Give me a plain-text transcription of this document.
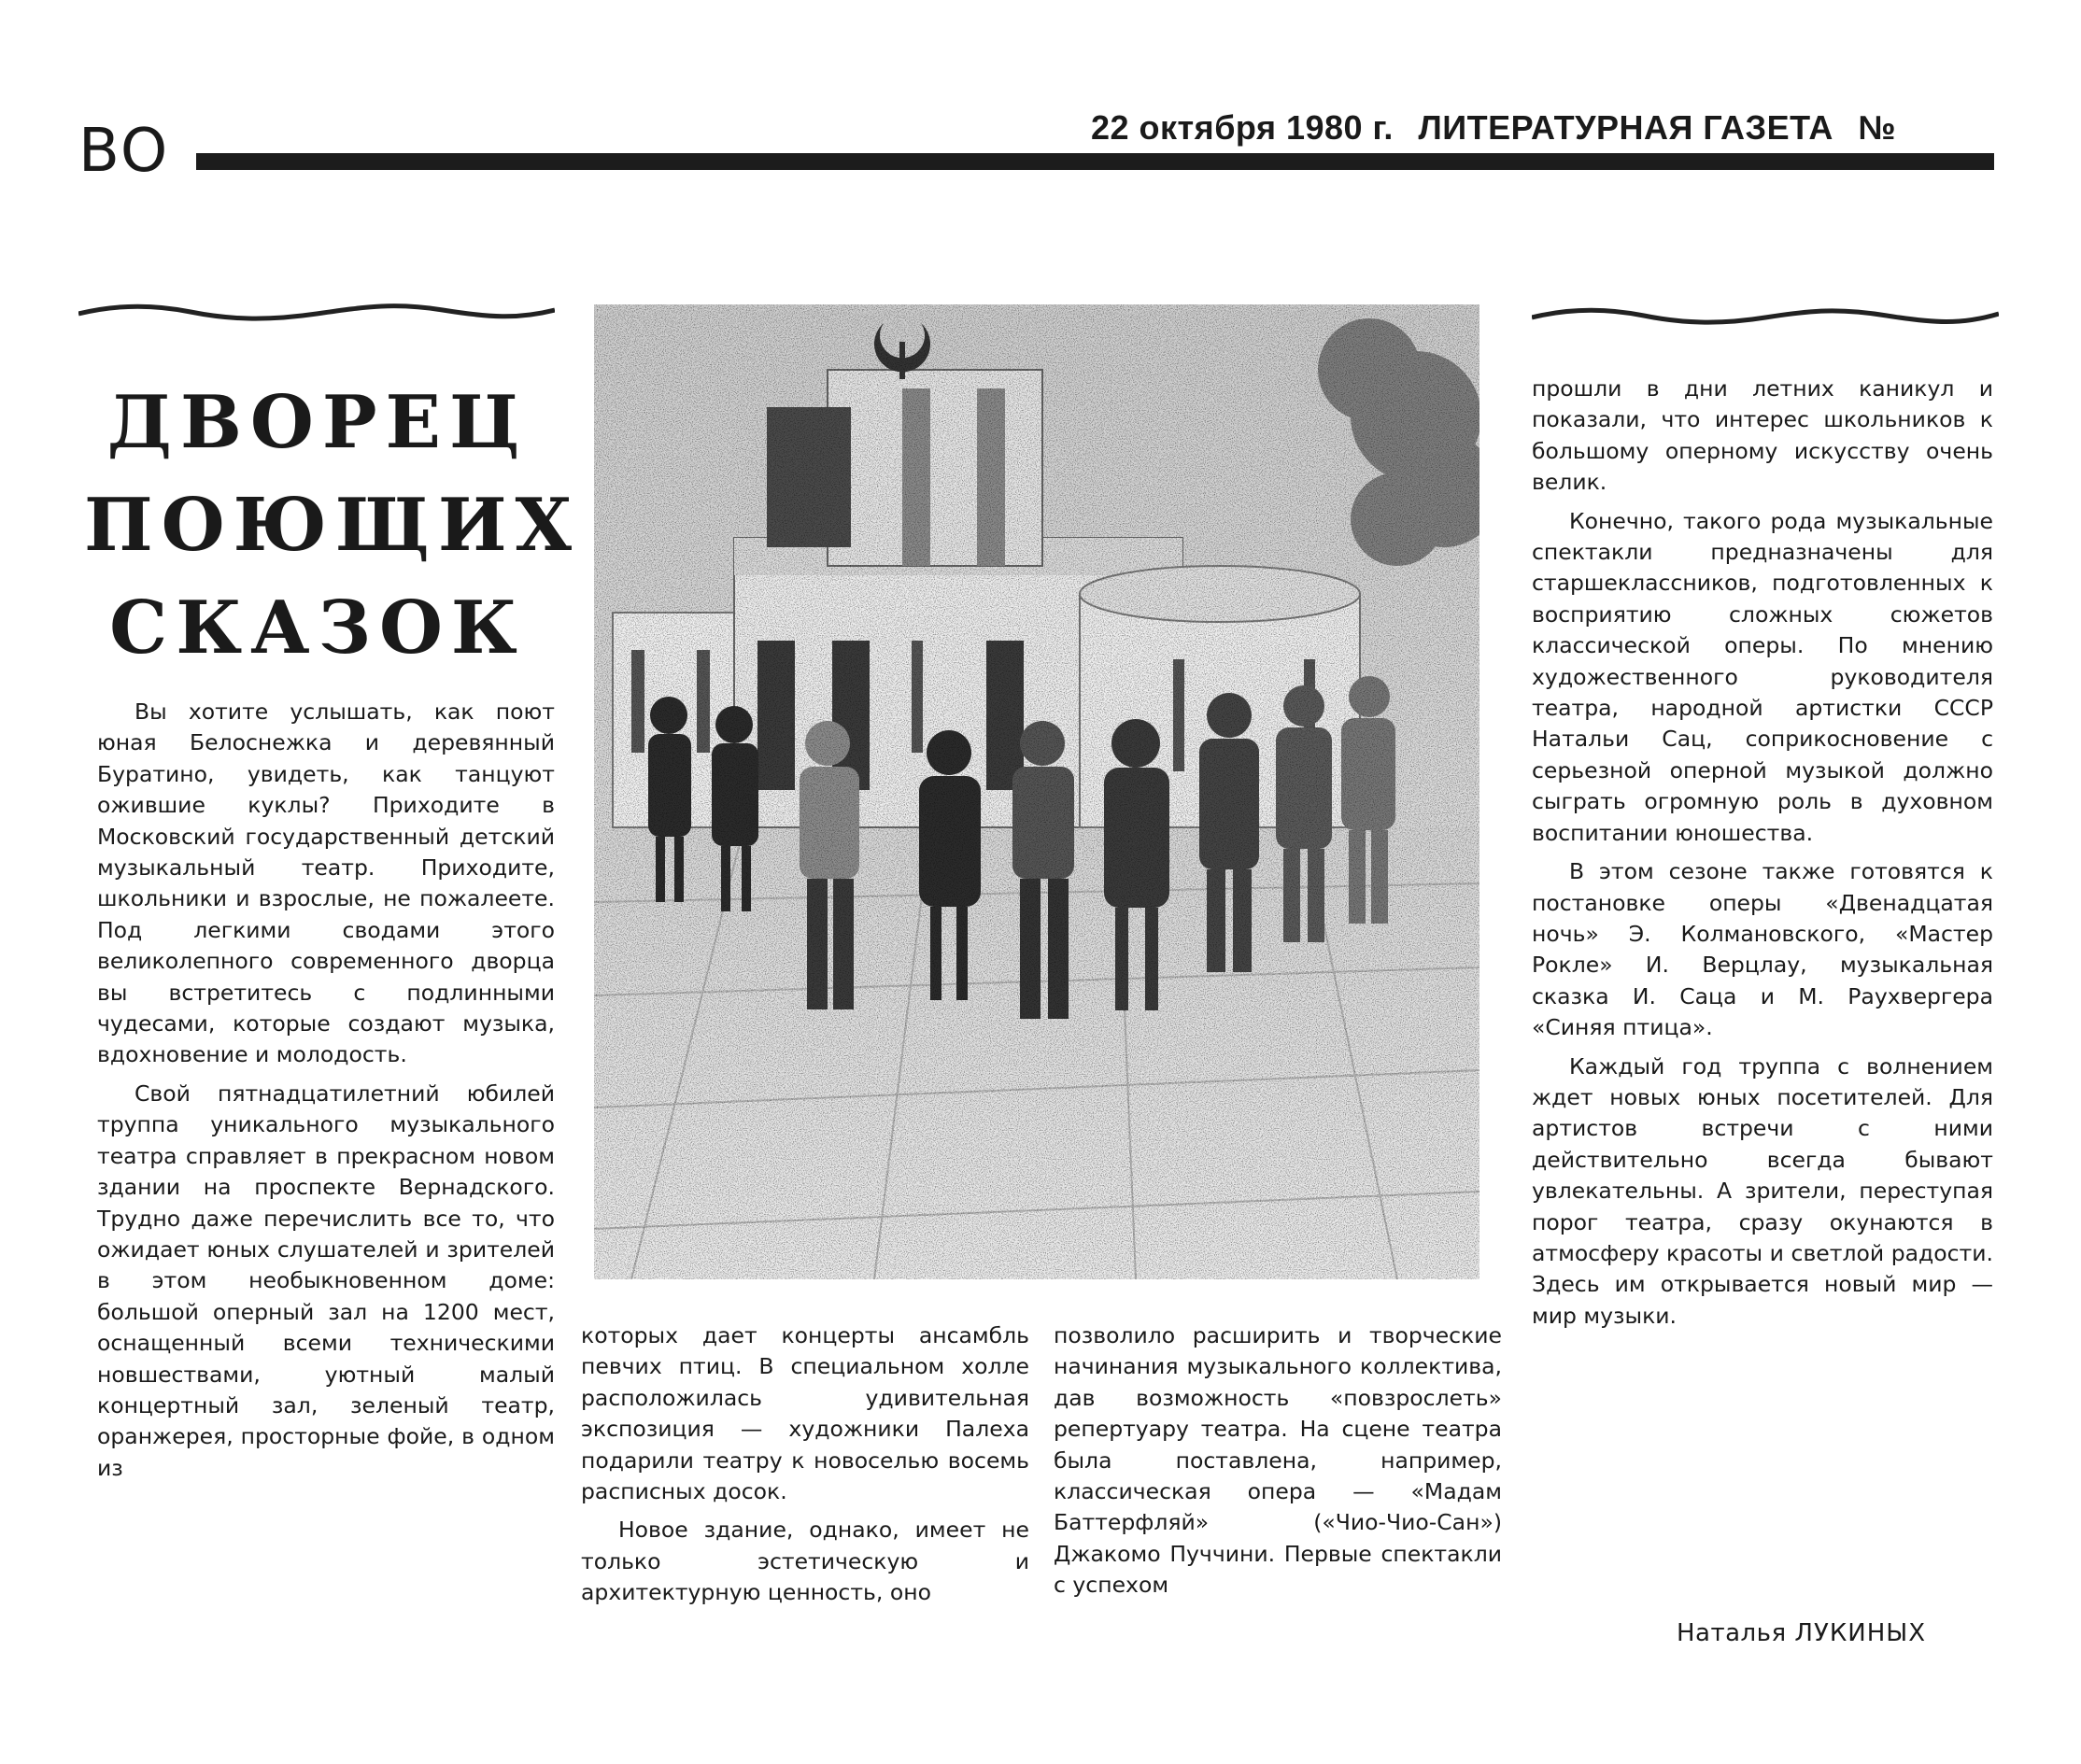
ВО	22 октября 1980 г. ЛИТЕРАТУРНАЯ ГАЗЕТА №
ДВОРЕЦ
ПОЮЩИХ
СКАЗОК

Вы хотите услышать, как поют юная Белоснежка и деревянный Буратино, увидеть, как танцуют ожившие куклы? Приходите в Московский государственный детский музыкальный театр. Приходите, школьники и взрослые, не пожалеете. Под легкими сводами этого великолепного современного дворца вы встретитесь с подлинными чудесами, которые создают музыка, вдохновение и молодость.

Свой пятнадцатилетний юбилей труппа уникального музыкального театра справляет в прекрасном новом здании на проспекте Вернадского. Трудно даже перечислить все то, что ожидает юных слушателей и зрителей в этом необыкновенном доме: большой оперный зал на 1200 мест, оснащенный всеми техническими новшествами, уютный малый концертный зал, зеленый театр, оранжерея, просторные фойе, в одном из

которых дает концерты ансамбль певчих птиц. В специальном холле расположилась удивительная экспозиция — художники Палеха подарили театру к новоселью восемь расписных досок.

Новое здание, однако, имеет не только эстетическую и архитектурную ценность, оно

позволило расширить и творческие начинания музыкального коллектива, дав возможность «повзрослеть» репертуару театра. На сцене театра была поставлена, например, классическая опера — «Мадам Баттерфляй» («Чио-Чио-Сан») Джакомо Пуччини. Первые спектакли с успехом

прошли в дни летних каникул и показали, что интерес школьников к большому оперному искусству очень велик.

Конечно, такого рода музыкальные спектакли предназначены для старшеклассников, подготовленных к восприятию сложных сюжетов классической оперы. По мнению художественного руководителя театра, народной артистки СССР Натальи Сац, соприкосновение с серьезной оперной музыкой должно сыграть огромную роль в духовном воспитании юношества.

В этом сезоне также готовятся к постановке оперы «Двенадцатая ночь» Э. Колмановского, «Мастер Рокле» И. Верцлау, музыкальная сказка И. Саца и М. Раухвергера «Синяя птица».

Каждый год труппа с волнением ждет новых юных посетителей. Для артистов встречи с ними действительно всегда бывают увлекательны. А зрители, переступая порог театра, сразу окунаются в атмосферу красоты и светлой радости. Здесь им открывается новый мир — мир музыки.

Наталья ЛУКИНЫХ
